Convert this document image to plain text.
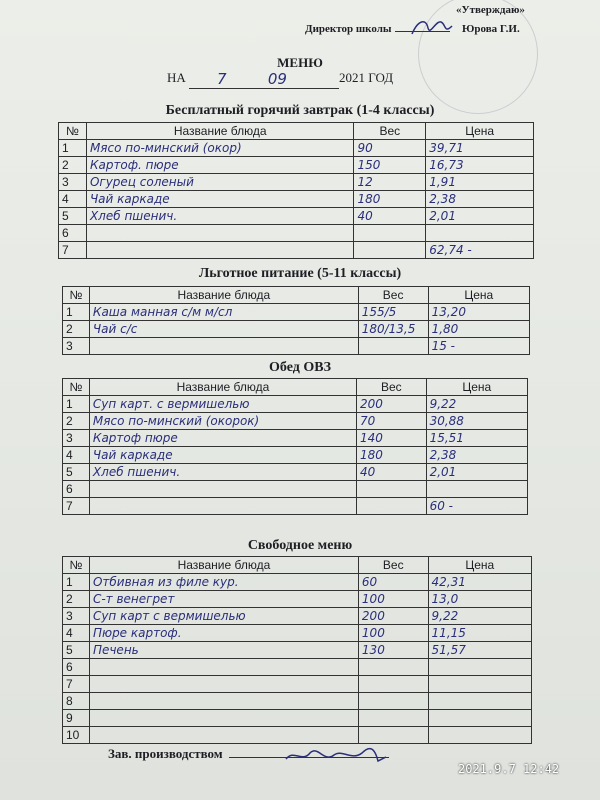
«Утверждаю»
Директор школы	Юрова Г.И.
МЕНЮ
НА 7	09	2021 ГОД
Бесплатный горячий завтрак (1-4 классы)
№	Название блюда	Вес	Цена
1	Мясо по-минский (окор)	90	39,71
2	Картоф. пюре	150	16,73
3	Огурец соленый	12	1,91
4	Чай каркаде	180	2,38
5	Хлеб пшенич.	40	2,01
6			
7			62,74 -
Льготное питание (5-11 классы)
№	Название блюда	Вес	Цена
1	Каша манная с/м м/сл	155/5	13,20
2	Чай с/с	180/13,5	1,80
3			15 -
Обед ОВЗ
№	Название блюда	Вес	Цена
1	Суп карт. с вермишелью	200	9,22
2	Мясо по-минский (окорок)	70	30,88
3	Картоф пюре	140	15,51
4	Чай каркаде	180	2,38
5	Хлеб пшенич.	40	2,01
6			
7			60 -
Свободное меню
№	Название блюда	Вес	Цена
1	Отбивная из филе кур.	60	42,31
2	С-т венегрет	100	13,0
3	Суп карт с вермишелью	200	9,22
4	Пюре картоф.	100	11,15
5	Печень	130	51,57
6			
7			
8			
9			
10			
Зав. производством
2021.9.7 12:42
